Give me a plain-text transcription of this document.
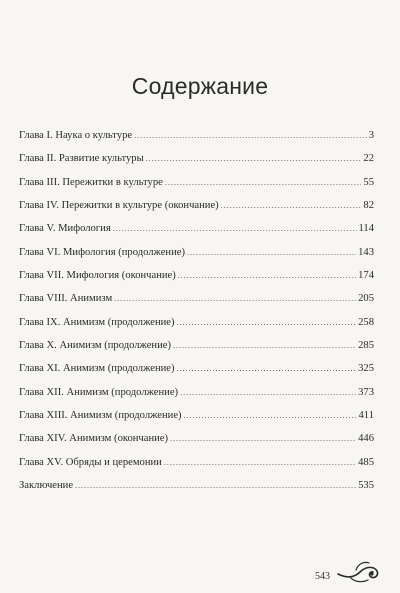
Содержание
Глава I. Наука о культуре . . .	3
Глава II. Развитие культуры . . .	22
Глава III. Пережитки в культуре . . .	55
Глава IV. Пережитки в культуре (окончание) . . .	82
Глава V. Мифология . . .	114
Глава VI. Мифология (продолжение) . . .	143
Глава VII. Мифология (окончание) . . .	174
Глава VIII. Анимизм . . .	205
Глава IX. Анимизм (продолжение) . . .	258
Глава X. Анимизм (продолжение) . . .	285
Глава XI. Анимизм (продолжение) . . .	325
Глава XII. Анимизм (продолжение) . . .	373
Глава XIII. Анимизм (продолжение) . . .	411
Глава XIV. Анимизм (окончание) . . .	446
Глава XV. Обряды и церемонии . . .	485
Заключение . . .	535
543
